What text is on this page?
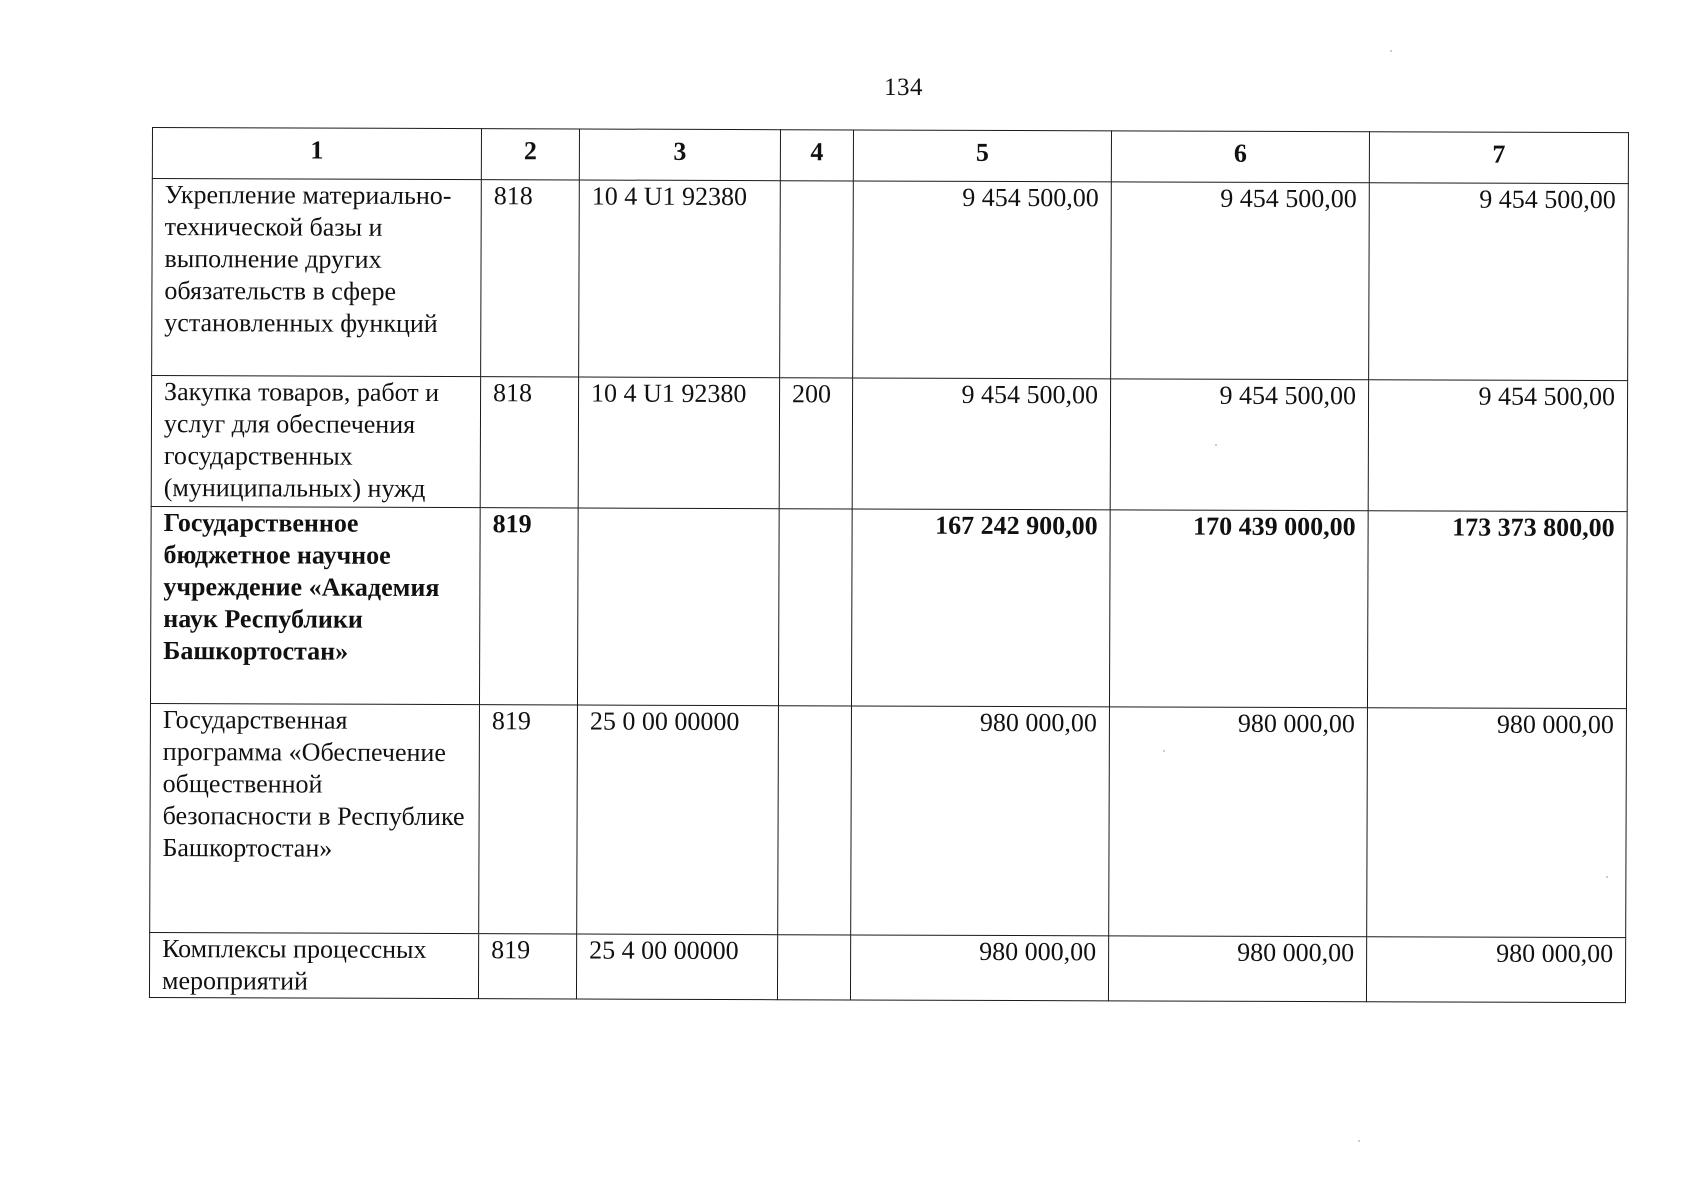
134
1	2	3	4	5	6	7
Укрепление материально-технической базы и выполнение других обязательств в сфере установленных функций	818	10 4 U1 92380		9 454 500,00	9 454 500,00	9 454 500,00
Закупка товаров, работ и услуг для обеспечения государственных (муниципальных) нужд	818	10 4 U1 92380	200	9 454 500,00	9 454 500,00	9 454 500,00
Государственное бюджетное научное учреждение «Академия наук Республики Башкортостан»	819			167 242 900,00	170 439 000,00	173 373 800,00
Государственная программа «Обеспечение общественной безопасности в Республике Башкортостан»	819	25 0 00 00000		980 000,00	980 000,00	980 000,00
Комплексы процессных мероприятий	819	25 4 00 00000		980 000,00	980 000,00	980 000,00
